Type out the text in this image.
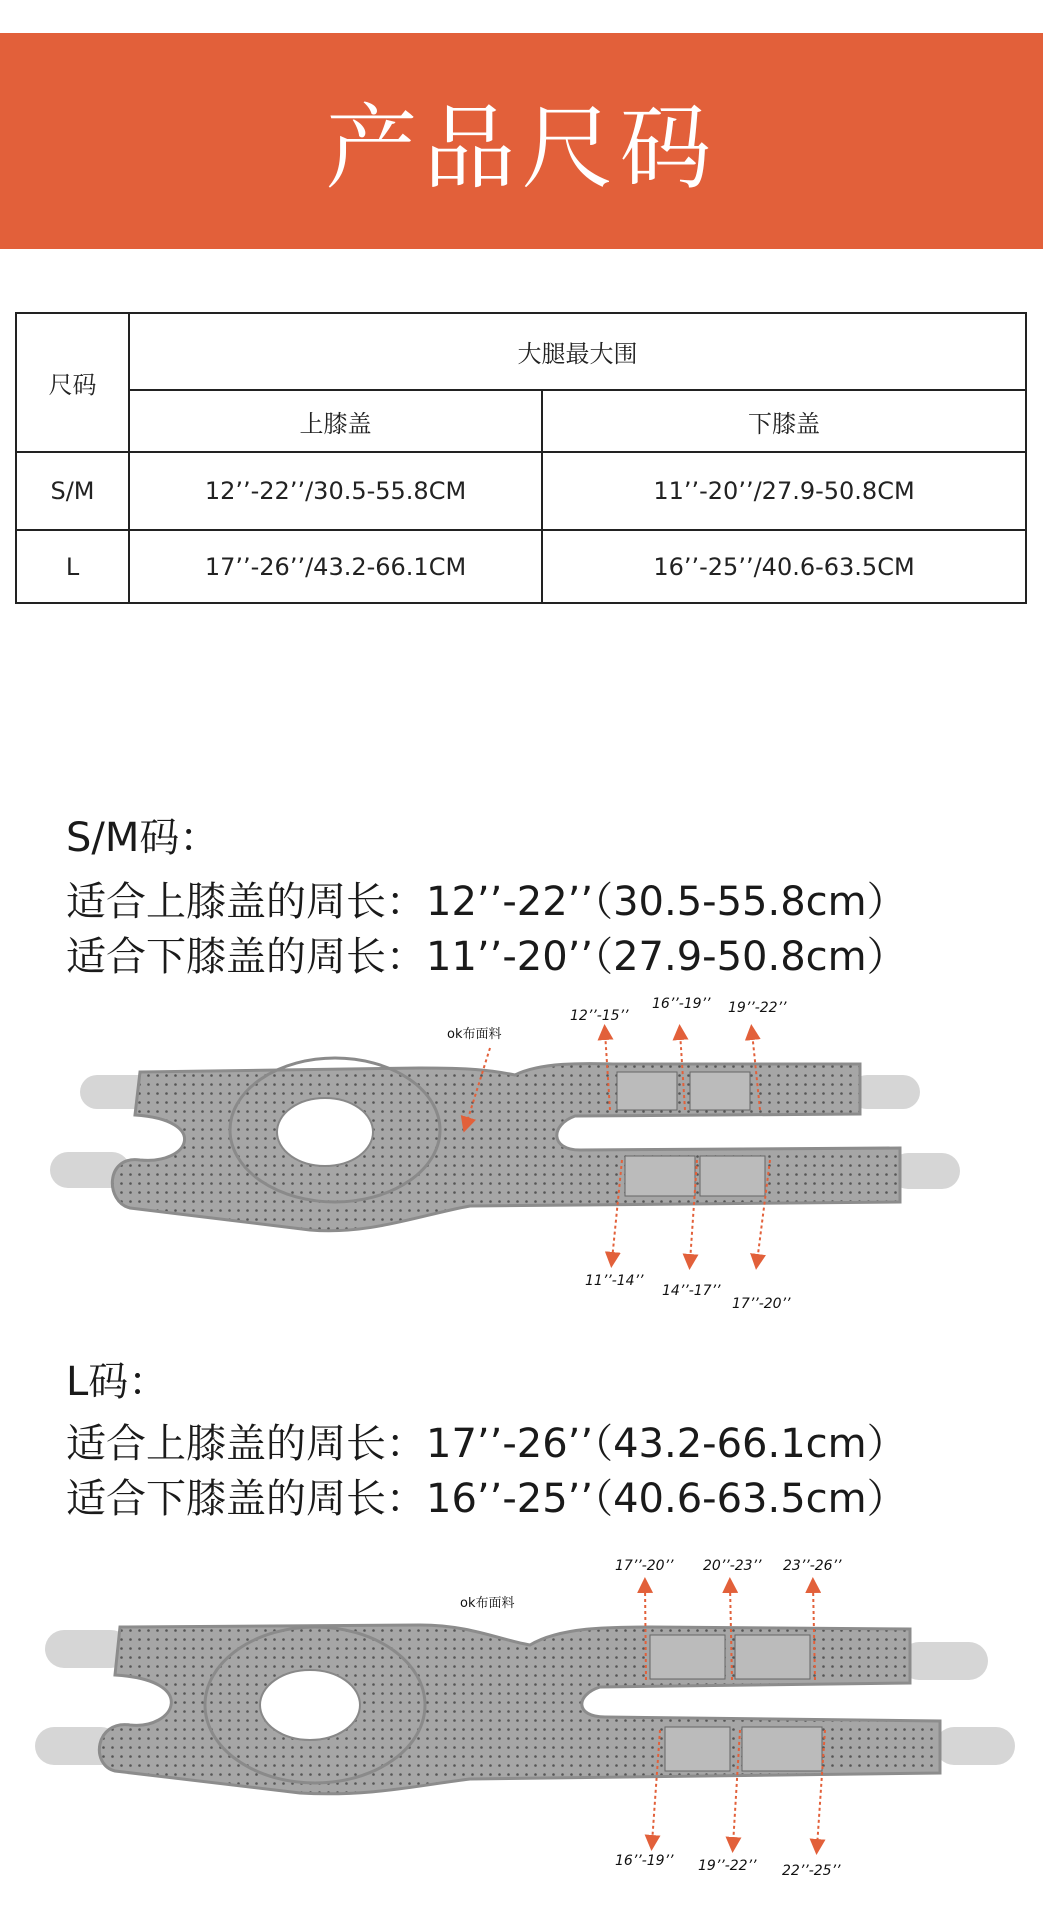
产品尺码
尺码	大腿最大围	
	上膝盖	下膝盖
S/M	12’’-22’’/30.5-55.8CM	11’’-20’’/27.9-50.8CM
L	17’’-26’’/43.2-66.1CM	16’’-25’’/40.6-63.5CM
S/M码：
适合上膝盖的周长：12’’-22’’（30.5-55.8cm）
适合下膝盖的周长：11’’-20’’（27.9-50.8cm）
ok布面料
12’’-15’’
16’’-19’’ 19’’-22’’
11’’-14’’
14’’-17’’
17’’-20’’
L码：
适合上膝盖的周长：17’’-26’’（43.2-66.1cm）
适合下膝盖的周长：16’’-25’’（40.6-63.5cm）
ok布面料
17’’-20’’ 20’’-23’’ 23’’-26’’
16’’-19’’ 19’’-22’’ 22’’-25’’
